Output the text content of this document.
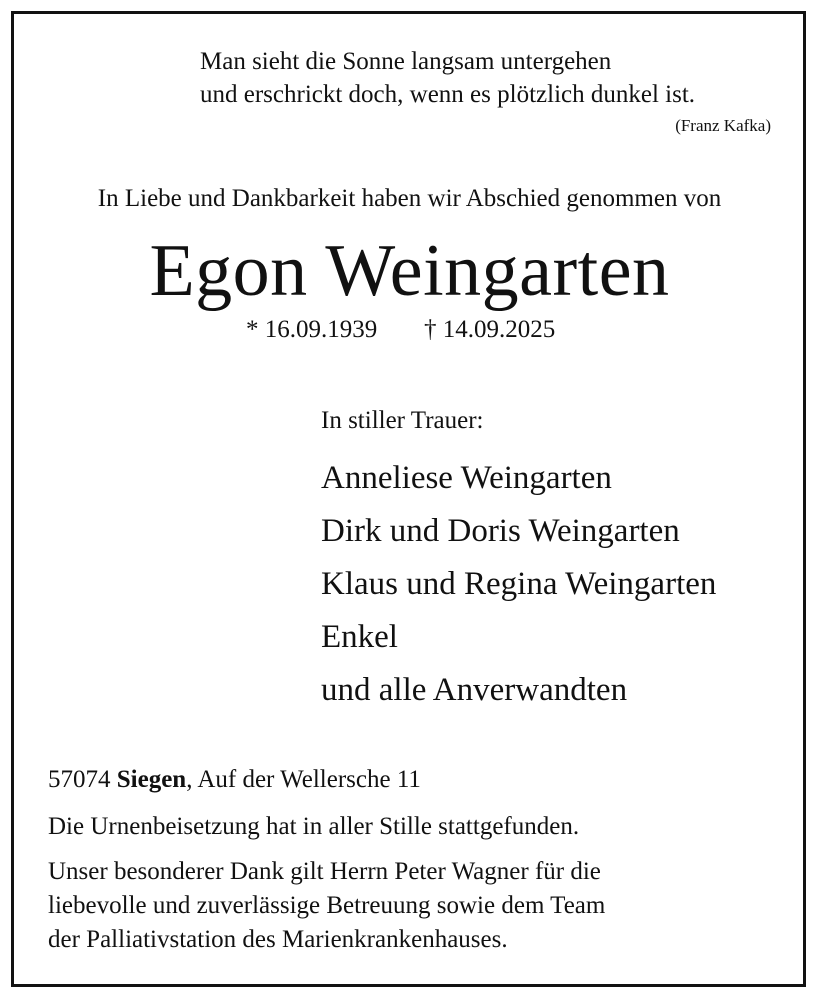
Man sieht die Sonne langsam untergehen

und erschrickt doch, wenn es plötzlich dunkel ist.

(Franz Kafka)

In Liebe und Dankbarkeit haben wir Abschied genommen von

Egon Weingarten

* 16.09.1939 † 14.09.2025

In stiller Trauer:

Anneliese Weingarten

Dirk und Doris Weingarten

Klaus und Regina Weingarten

Enkel

und alle Anverwandten

57074 Siegen, Auf der Wellersche 11

Die Urnenbeisetzung hat in aller Stille stattgefunden.

Unser besonderer Dank gilt Herrn Peter Wagner für die

liebevolle und zuverlässige Betreuung sowie dem Team

der Palliativstation des Marienkrankenhauses.
